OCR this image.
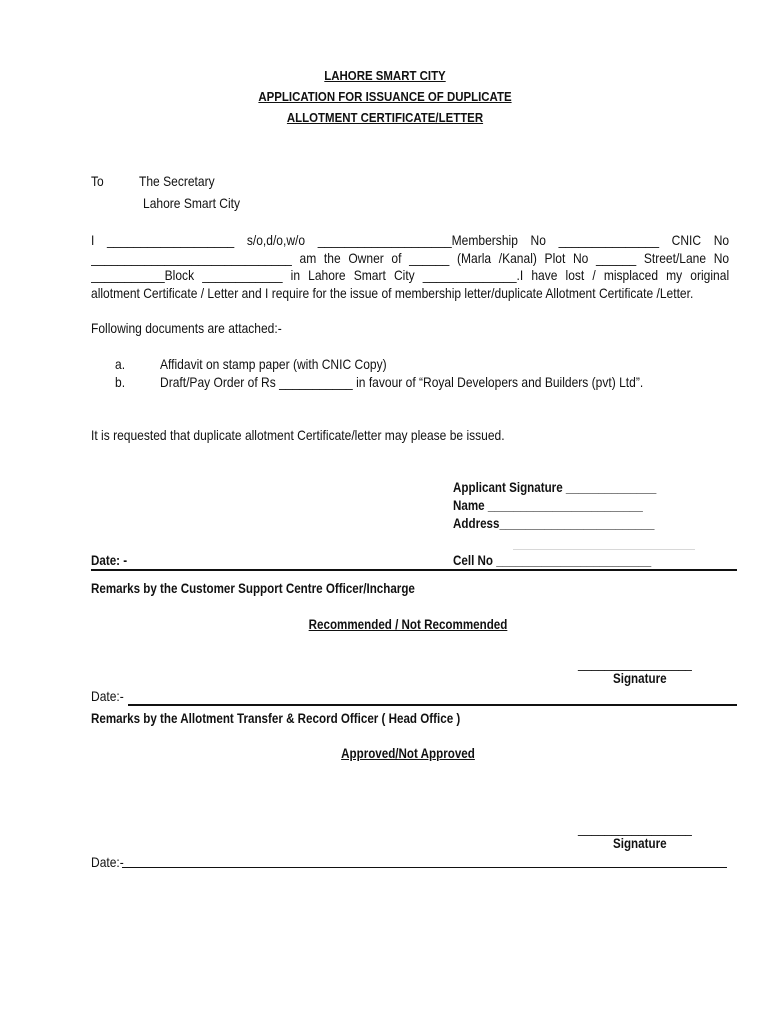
LAHORE SMART CITY
APPLICATION FOR ISSUANCE OF DUPLICATE
ALLOTMENT CERTIFICATE/LETTER
To	The Secretary
Lahore Smart City
I ___________________ s/o,d/o,w/o ____________________Membership No _______________ CNIC No
______________________________ am the Owner of ______ (Marla /Kanal) Plot No ______ Street/Lane No
___________Block ____________ in Lahore Smart City ______________.I have lost / misplaced my original
allotment Certificate / Letter and I require for the issue of membership letter/duplicate Allotment Certificate /Letter.
Following documents are attached:-
a. Affidavit on stamp paper (with CNIC Copy)
b. Draft/Pay Order of Rs ___________ in favour of “Royal Developers and Builders (pvt) Ltd”.
It is requested that duplicate allotment Certificate/letter may please be issued.
Applicant Signature ______________
Name ________________________
Address________________________
Date: -	Cell No ________________________
Remarks by the Customer Support Centre Officer/Incharge
Recommended / Not Recommended
_________________
Signature
Date:-
Remarks by the Allotment Transfer & Record Officer ( Head Office )
Approved/Not Approved
_________________
Signature
Date:-
